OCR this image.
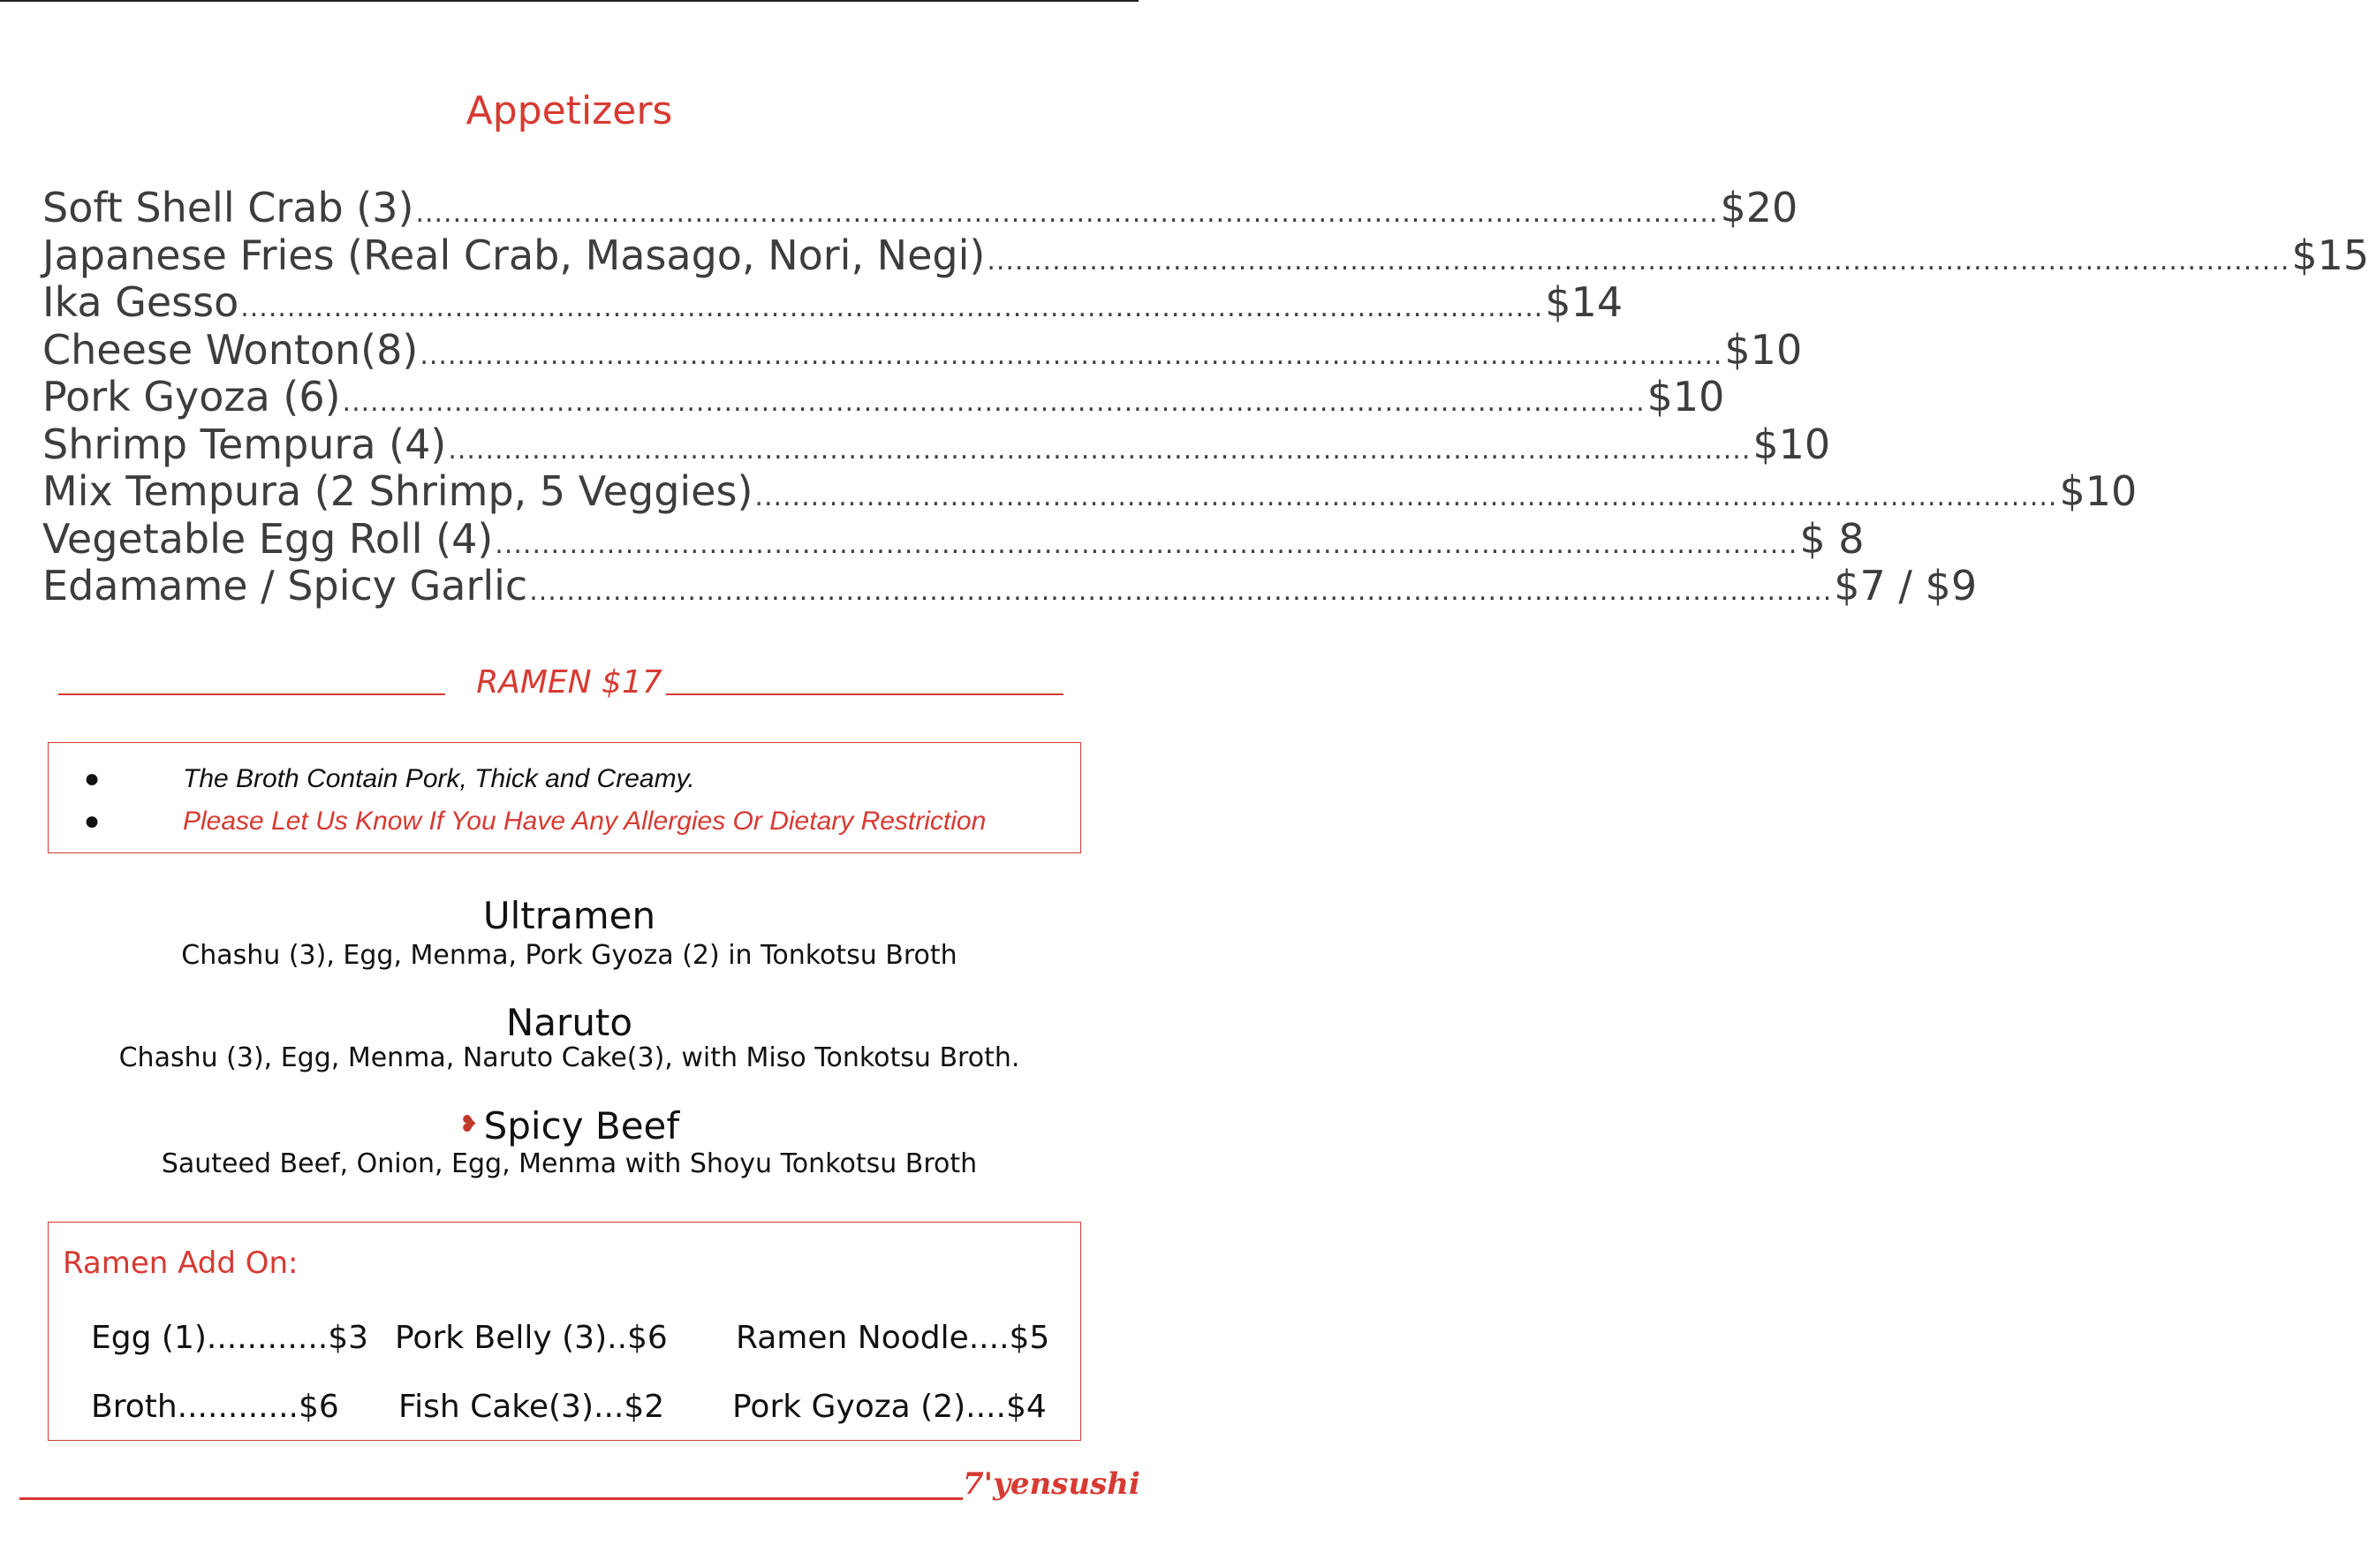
Appetizers
Soft Shell Crab (3) ............................................................................................................................................ $20
Japanese Fries (Real Crab, Masago, Nori, Negi) ............................................................................................................................................ $15
Ika Gesso ............................................................................................................................................ $14
Cheese Wonton(8) ............................................................................................................................................ $10
Pork Gyoza (6) ............................................................................................................................................ $10
Shrimp Tempura (4) ............................................................................................................................................ $10
Mix Tempura (2 Shrimp, 5 Veggies) ............................................................................................................................................ $10
Vegetable Egg Roll (4) ............................................................................................................................................ $ 8
Edamame / Spicy Garlic ............................................................................................................................................ $7 / $9
RAMEN $17
●	The Broth Contain Pork, Thick and Creamy.
●	Please Let Us Know If You Have Any Allergies Or Dietary Restriction
Ultramen
Chashu (3), Egg, Menma, Pork Gyoza (2) in Tonkotsu Broth
Naruto
Chashu (3), Egg, Menma, Naruto Cake(3), with Miso Tonkotsu Broth.
❥ Spicy Beef
Sauteed Beef, Onion, Egg, Menma with Shoyu Tonkotsu Broth
Ramen Add On:
Egg (1)............$3 Pork Belly (3)..$6 Ramen Noodle....$5
Broth............$6 Fish Cake(3)...$2 Pork Gyoza (2)....$4
7'yensushi
